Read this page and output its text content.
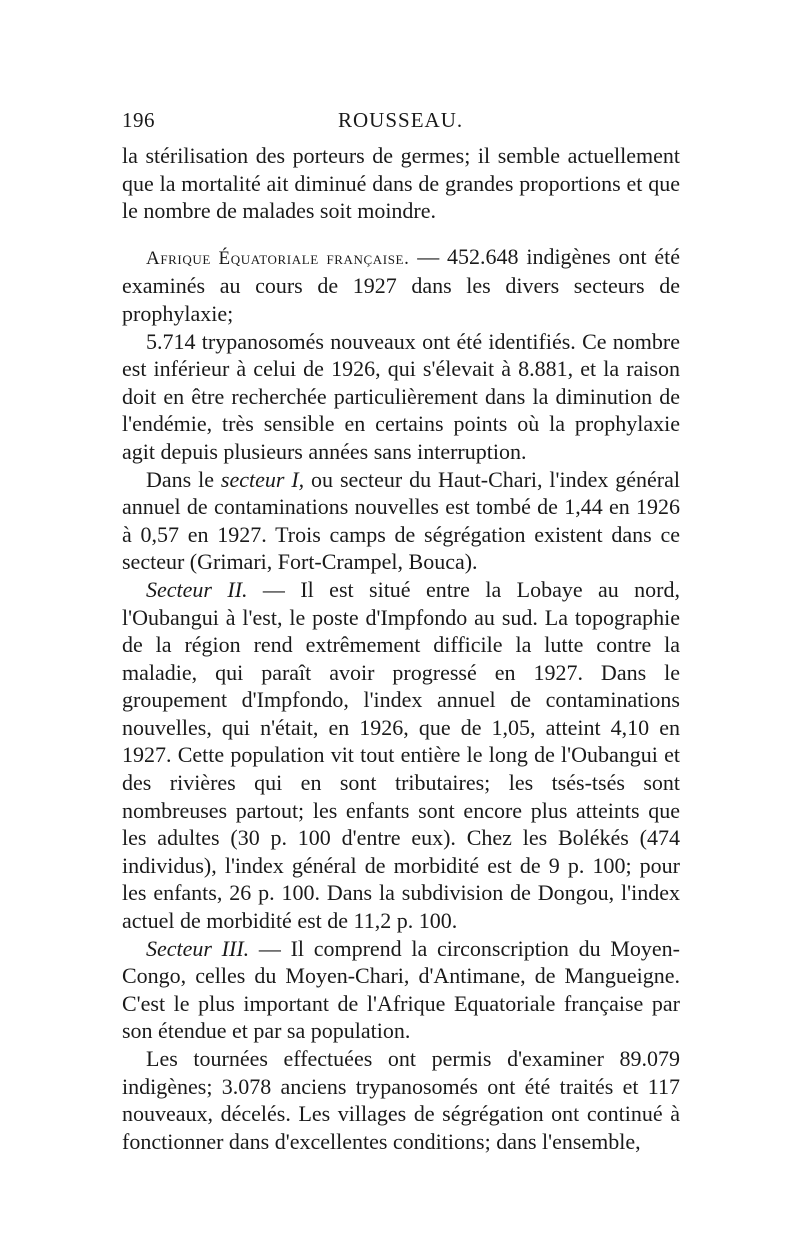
196	ROUSSEAU.

la stérilisation des porteurs de germes; il semble actuellement que la mortalité ait diminué dans de grandes proportions et que le nombre de malades soit moindre.

Afrique Équatoriale française. — 452.648 indigènes ont été examinés au cours de 1927 dans les divers secteurs de prophylaxie;

5.714 trypanosomés nouveaux ont été identifiés. Ce nombre est inférieur à celui de 1926, qui s'élevait à 8.881, et la raison doit en être recherchée particulièrement dans la diminution de l'endémie, très sensible en certains points où la prophylaxie agit depuis plusieurs années sans interruption.

Dans le secteur I, ou secteur du Haut-Chari, l'index général annuel de contaminations nouvelles est tombé de 1,44 en 1926 à 0,57 en 1927. Trois camps de ségrégation existent dans ce secteur (Grimari, Fort-Crampel, Bouca).

Secteur II. — Il est situé entre la Lobaye au nord, l'Oubangui à l'est, le poste d'Impfondo au sud. La topographie de la région rend extrêmement difficile la lutte contre la maladie, qui paraît avoir progressé en 1927. Dans le groupement d'Impfondo, l'index annuel de contaminations nouvelles, qui n'était, en 1926, que de 1,05, atteint 4,10 en 1927. Cette population vit tout entière le long de l'Oubangui et des rivières qui en sont tributaires; les tsés-tsés sont nombreuses partout; les enfants sont encore plus atteints que les adultes (30 p. 100 d'entre eux). Chez les Bolékés (474 individus), l'index général de morbidité est de 9 p. 100; pour les enfants, 26 p. 100. Dans la subdivision de Dongou, l'index actuel de morbidité est de 11,2 p. 100.

Secteur III. — Il comprend la circonscription du Moyen-Congo, celles du Moyen-Chari, d'Antimane, de Mangueigne. C'est le plus important de l'Afrique Equatoriale française par son étendue et par sa population.

Les tournées effectuées ont permis d'examiner 89.079 indigènes; 3.078 anciens trypanosomés ont été traités et 117 nouveaux, décelés. Les villages de ségrégation ont continué à fonctionner dans d'excellentes conditions; dans l'ensemble,
